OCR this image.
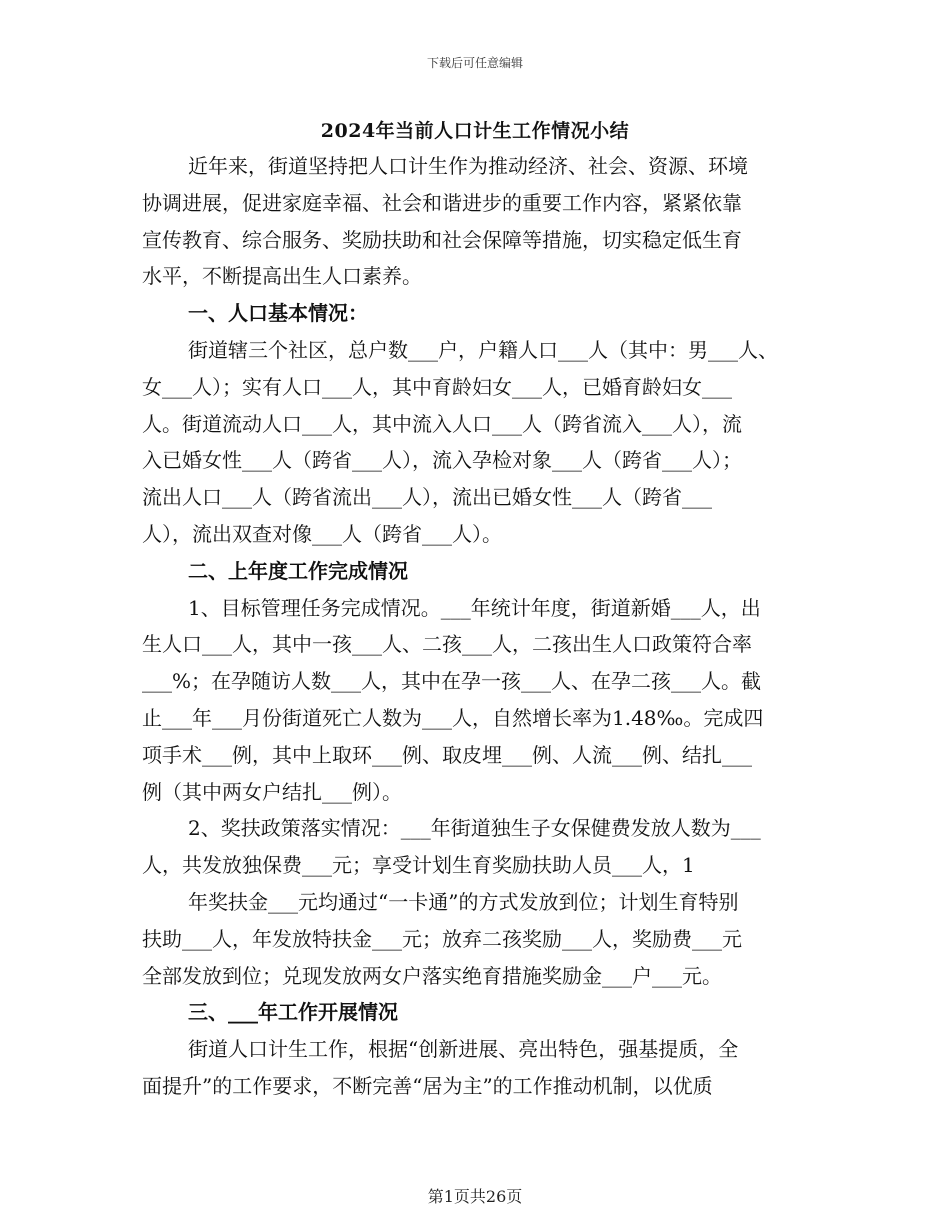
下载后可任意编辑
2024年当前人口计生工作情况小结
近年来，街道坚持把人口计生作为推动经济、社会、资源、环境
协调进展，促进家庭幸福、社会和谐进步的重要工作内容，紧紧依靠
宣传教育、综合服务、奖励扶助和社会保障等措施，切实稳定低生育
水平，不断提高出生人口素养。
一、人口基本情况：
街道辖三个社区，总户数___户，户籍人口___人（其中：男___人、
女___人）；实有人口___人，其中育龄妇女___人，已婚育龄妇女___
人。街道流动人口___人，其中流入人口___人（跨省流入___人），流
入已婚女性___人（跨省___人），流入孕检对象___人（跨省___人）；
流出人口___人（跨省流出___人），流出已婚女性___人（跨省___
人），流出双查对像___人（跨省___人）。
二、上年度工作完成情况
1、目标管理任务完成情况。___年统计年度，街道新婚___人，出
生人口___人，其中一孩___人、二孩___人，二孩出生人口政策符合率
___%；在孕随访人数___人，其中在孕一孩___人、在孕二孩___人。截
止___年___月份街道死亡人数为___人，自然增长率为1.48‰。完成四
项手术___例，其中上取环___例、取皮埋___例、人流___例、结扎___
例（其中两女户结扎___例）。
2、奖扶政策落实情况：___年街道独生子女保健费发放人数为___
人，共发放独保费___元；享受计划生育奖励扶助人员___人，1
年奖扶金___元均通过“一卡通”的方式发放到位；计划生育特别
扶助___人，年发放特扶金___元；放弃二孩奖励___人，奖励费___元
全部发放到位；兑现发放两女户落实绝育措施奖励金___户___元。
三、___年工作开展情况
街道人口计生工作，根据“创新进展、亮出特色，强基提质，全
面提升”的工作要求，不断完善“居为主”的工作推动机制，以优质
第1页共26页
